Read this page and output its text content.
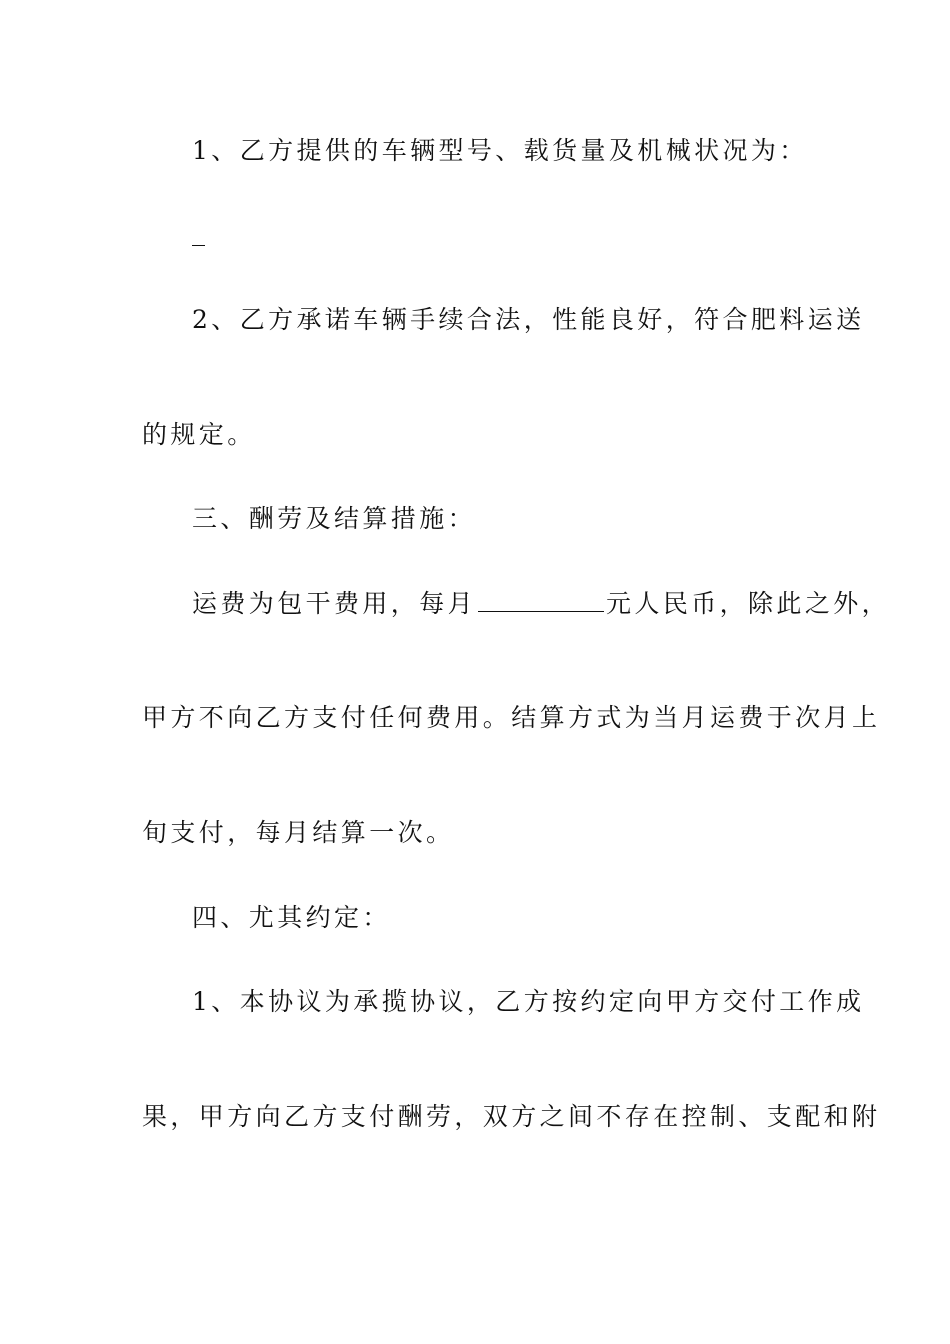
1、乙方提供的车辆型号、载货量及机械状况为：
2、乙方承诺车辆手续合法，性能良好，符合肥料运送
的规定。
三、酬劳及结算措施：
运费为包干费用，每月	元人民币，除此之外，
甲方不向乙方支付任何费用。结算方式为当月运费于次月上
旬支付，每月结算一次。
四、尤其约定：
1、本协议为承揽协议，乙方按约定向甲方交付工作成
果，甲方向乙方支付酬劳，双方之间不存在控制、支配和附
